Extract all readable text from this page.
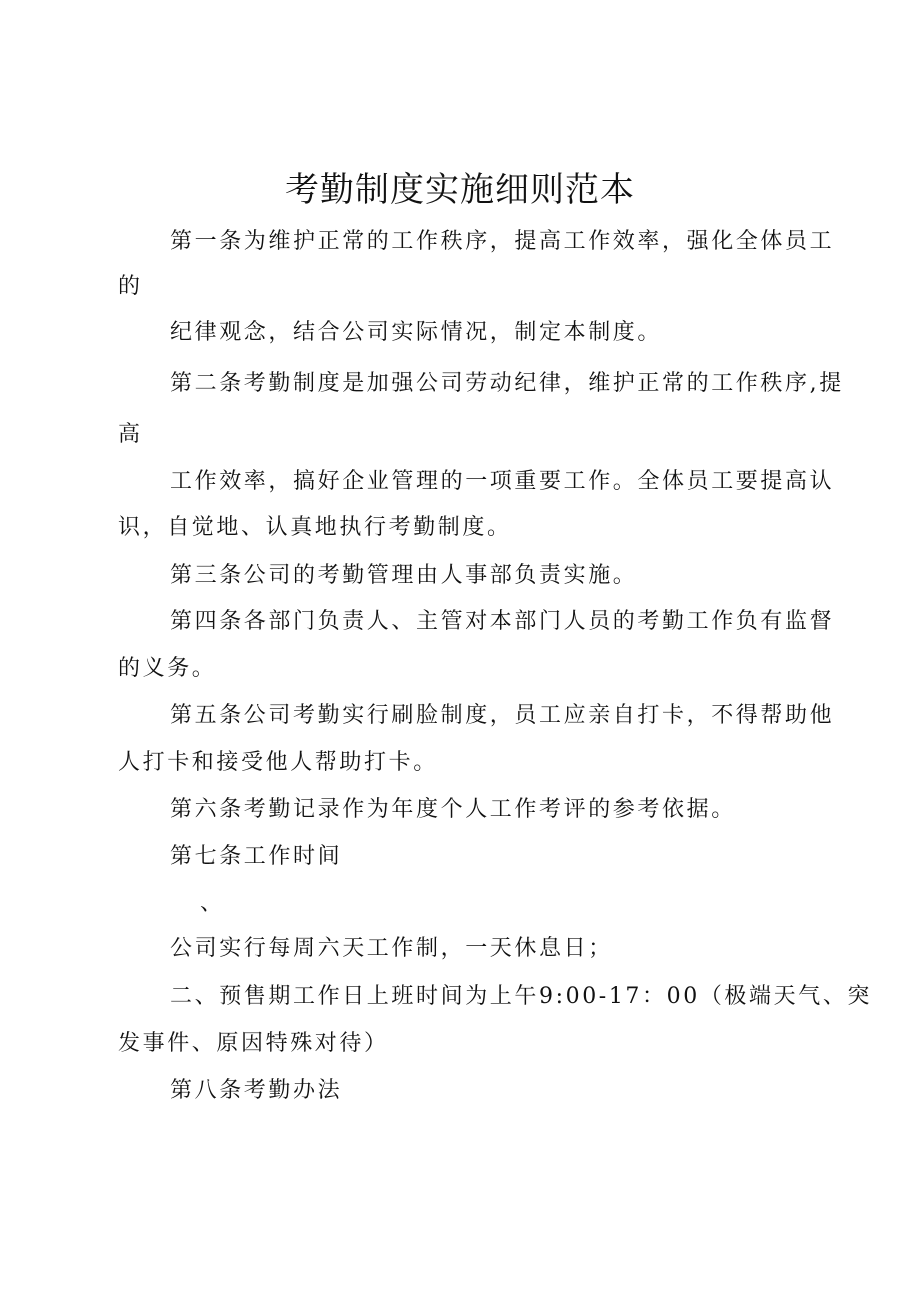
考勤制度实施细则范本
第一条为维护正常的工作秩序，提高工作效率，强化全体员工
的
纪律观念，结合公司实际情况，制定本制度。
第二条考勤制度是加强公司劳动纪律，维护正常的工作秩序,提
高
工作效率，搞好企业管理的一项重要工作。全体员工要提高认
识，自觉地、认真地执行考勤制度。
第三条公司的考勤管理由人事部负责实施。
第四条各部门负责人、主管对本部门人员的考勤工作负有监督
的义务。
第五条公司考勤实行刷脸制度，员工应亲自打卡，不得帮助他
人打卡和接受他人帮助打卡。
第六条考勤记录作为年度个人工作考评的参考依据。
第七条工作时间
、
公司实行每周六天工作制，一天休息日；
二、预售期工作日上班时间为上午9:00-17：00（极端天气、突
发事件、原因特殊对待）
第八条考勤办法
